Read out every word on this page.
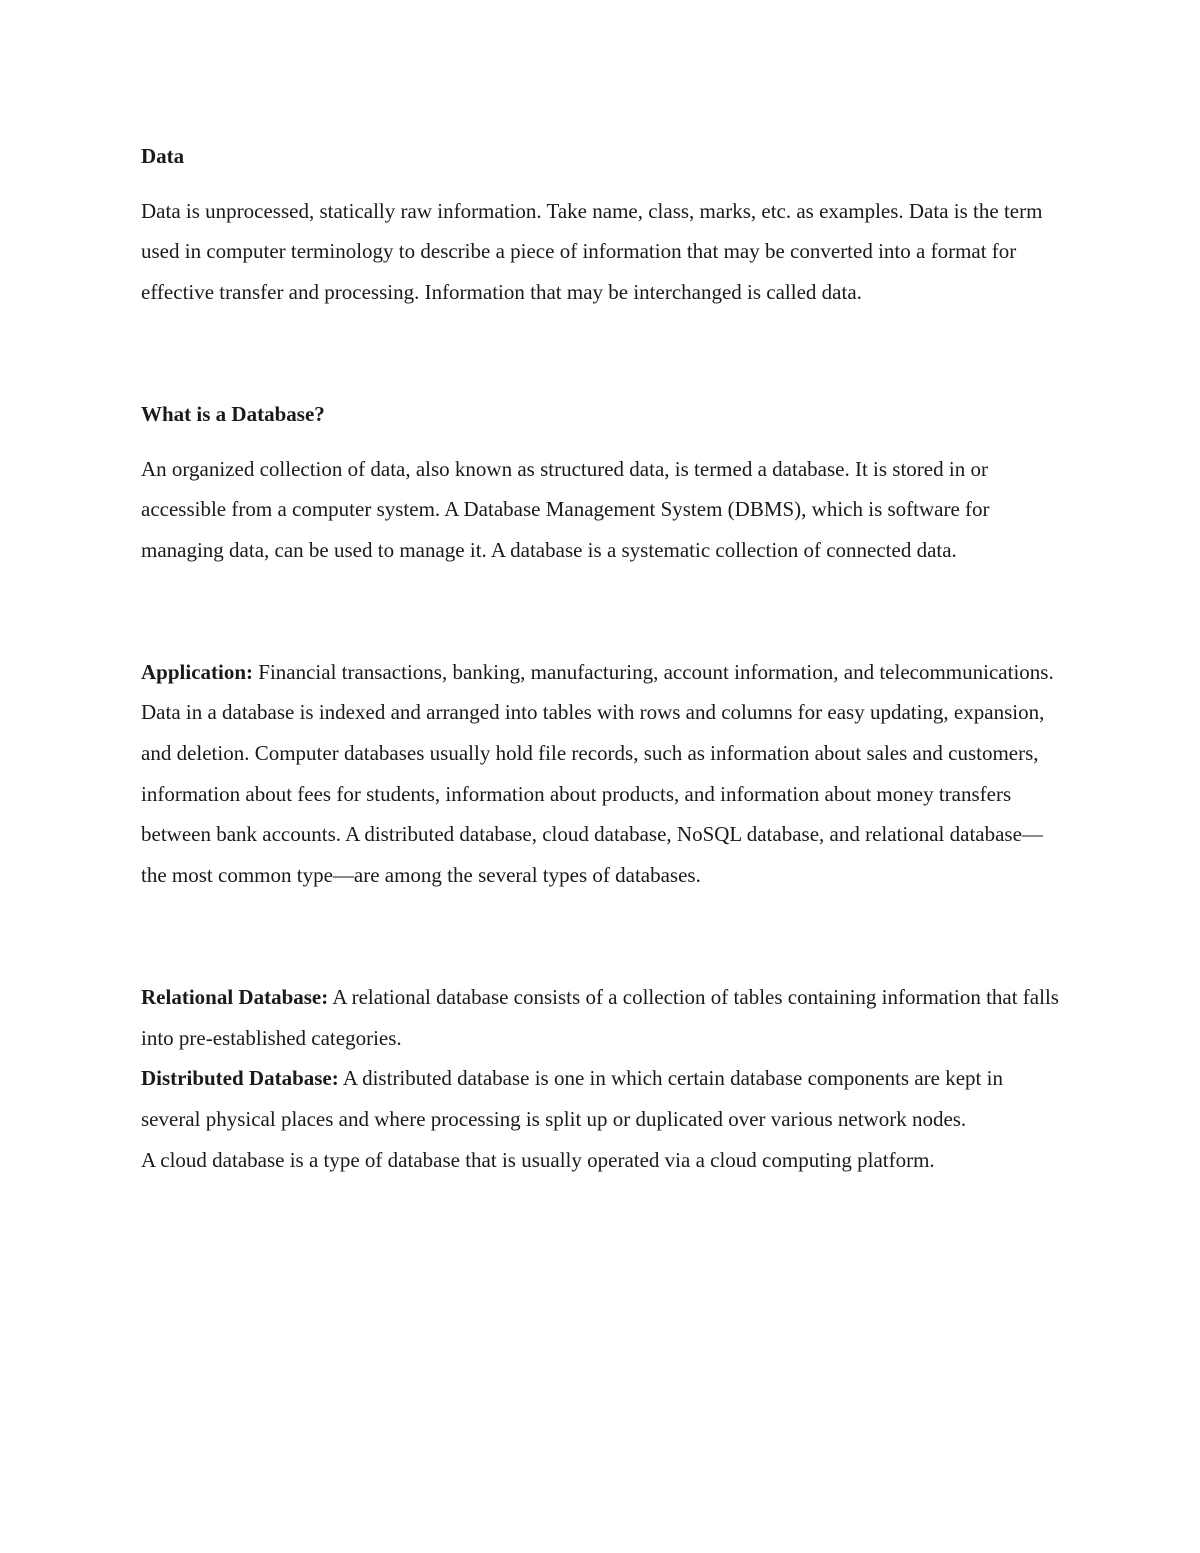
Data

Data is unprocessed, statically raw information. Take name, class, marks, etc. as examples. Data is the term used in computer terminology to describe a piece of information that may be converted into a format for effective transfer and processing. Information that may be interchanged is called data.

What is a Database?

An organized collection of data, also known as structured data, is termed a database. It is stored in or accessible from a computer system. A Database Management System (DBMS), which is software for managing data, can be used to manage it. A database is a systematic collection of connected data.

Application: Financial transactions, banking, manufacturing, account information, and telecommunications.

Data in a database is indexed and arranged into tables with rows and columns for easy updating, expansion, and deletion. Computer databases usually hold file records, such as information about sales and customers, information about fees for students, information about products, and information about money transfers between bank accounts. A distributed database, cloud database, NoSQL database, and relational database—the most common type—are among the several types of databases.

Relational Database: A relational database consists of a collection of tables containing information that falls into pre-established categories.

Distributed Database: A distributed database is one in which certain database components are kept in several physical places and where processing is split up or duplicated over various network nodes.

A cloud database is a type of database that is usually operated via a cloud computing platform.
